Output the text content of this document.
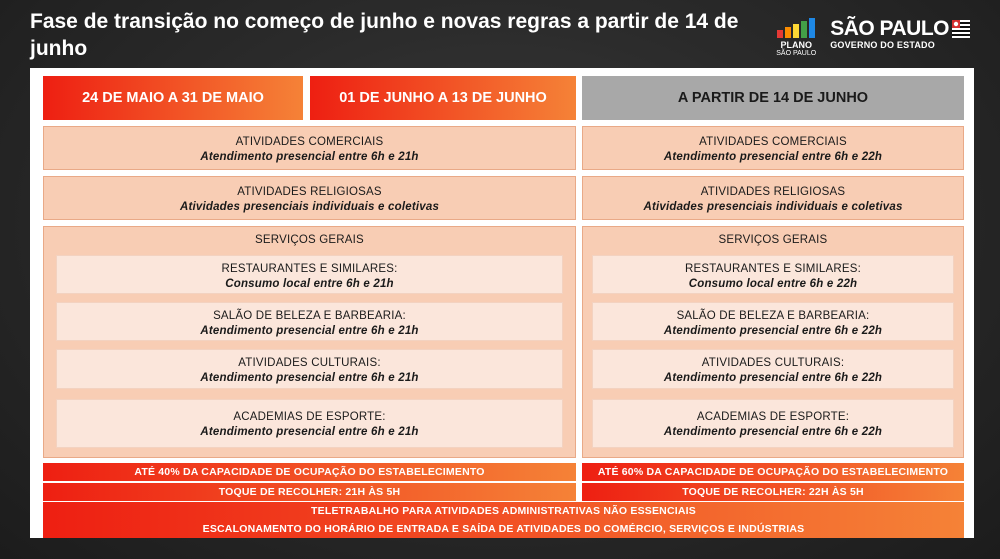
Fase de transição no começo de junho e novas regras a partir de 14 de junho	PLANO
SÃO PAULO
SÃO PAULO
GOVERNO DO ESTADO
24 DE MAIO A 31 DE MAIO	01 DE JUNHO A 13 DE JUNHO	A PARTIR DE 14 DE JUNHO
ATIVIDADES COMERCIAIS
Atendimento presencial entre 6h e 21h
ATIVIDADES RELIGIOSAS
Atividades presenciais individuais e coletivas
SERVIÇOS GERAIS
RESTAURANTES E SIMILARES:
Consumo local entre 6h e 21h
SALÃO DE BELEZA E BARBEARIA:
Atendimento presencial entre 6h e 21h
ATIVIDADES CULTURAIS:
Atendimento presencial entre 6h e 21h
ACADEMIAS DE ESPORTE:
Atendimento presencial entre 6h e 21h
ATÉ 40% DA CAPACIDADE DE OCUPAÇÃO DO ESTABELECIMENTO
TOQUE DE RECOLHER: 21H ÀS 5H
ATIVIDADES COMERCIAIS
Atendimento presencial entre 6h e 22h
ATIVIDADES RELIGIOSAS
Atividades presenciais individuais e coletivas
SERVIÇOS GERAIS
RESTAURANTES E SIMILARES:
Consumo local entre 6h e 22h
SALÃO DE BELEZA E BARBEARIA:
Atendimento presencial entre 6h e 22h
ATIVIDADES CULTURAIS:
Atendimento presencial entre 6h e 22h
ACADEMIAS DE ESPORTE:
Atendimento presencial entre 6h e 22h
ATÉ 60% DA CAPACIDADE DE OCUPAÇÃO DO ESTABELECIMENTO
TOQUE DE RECOLHER: 22H ÀS 5H
TELETRABALHO PARA ATIVIDADES ADMINISTRATIVAS NÃO ESSENCIAIS
ESCALONAMENTO DO HORÁRIO DE ENTRADA E SAÍDA DE ATIVIDADES DO COMÉRCIO, SERVIÇOS E INDÚSTRIAS
